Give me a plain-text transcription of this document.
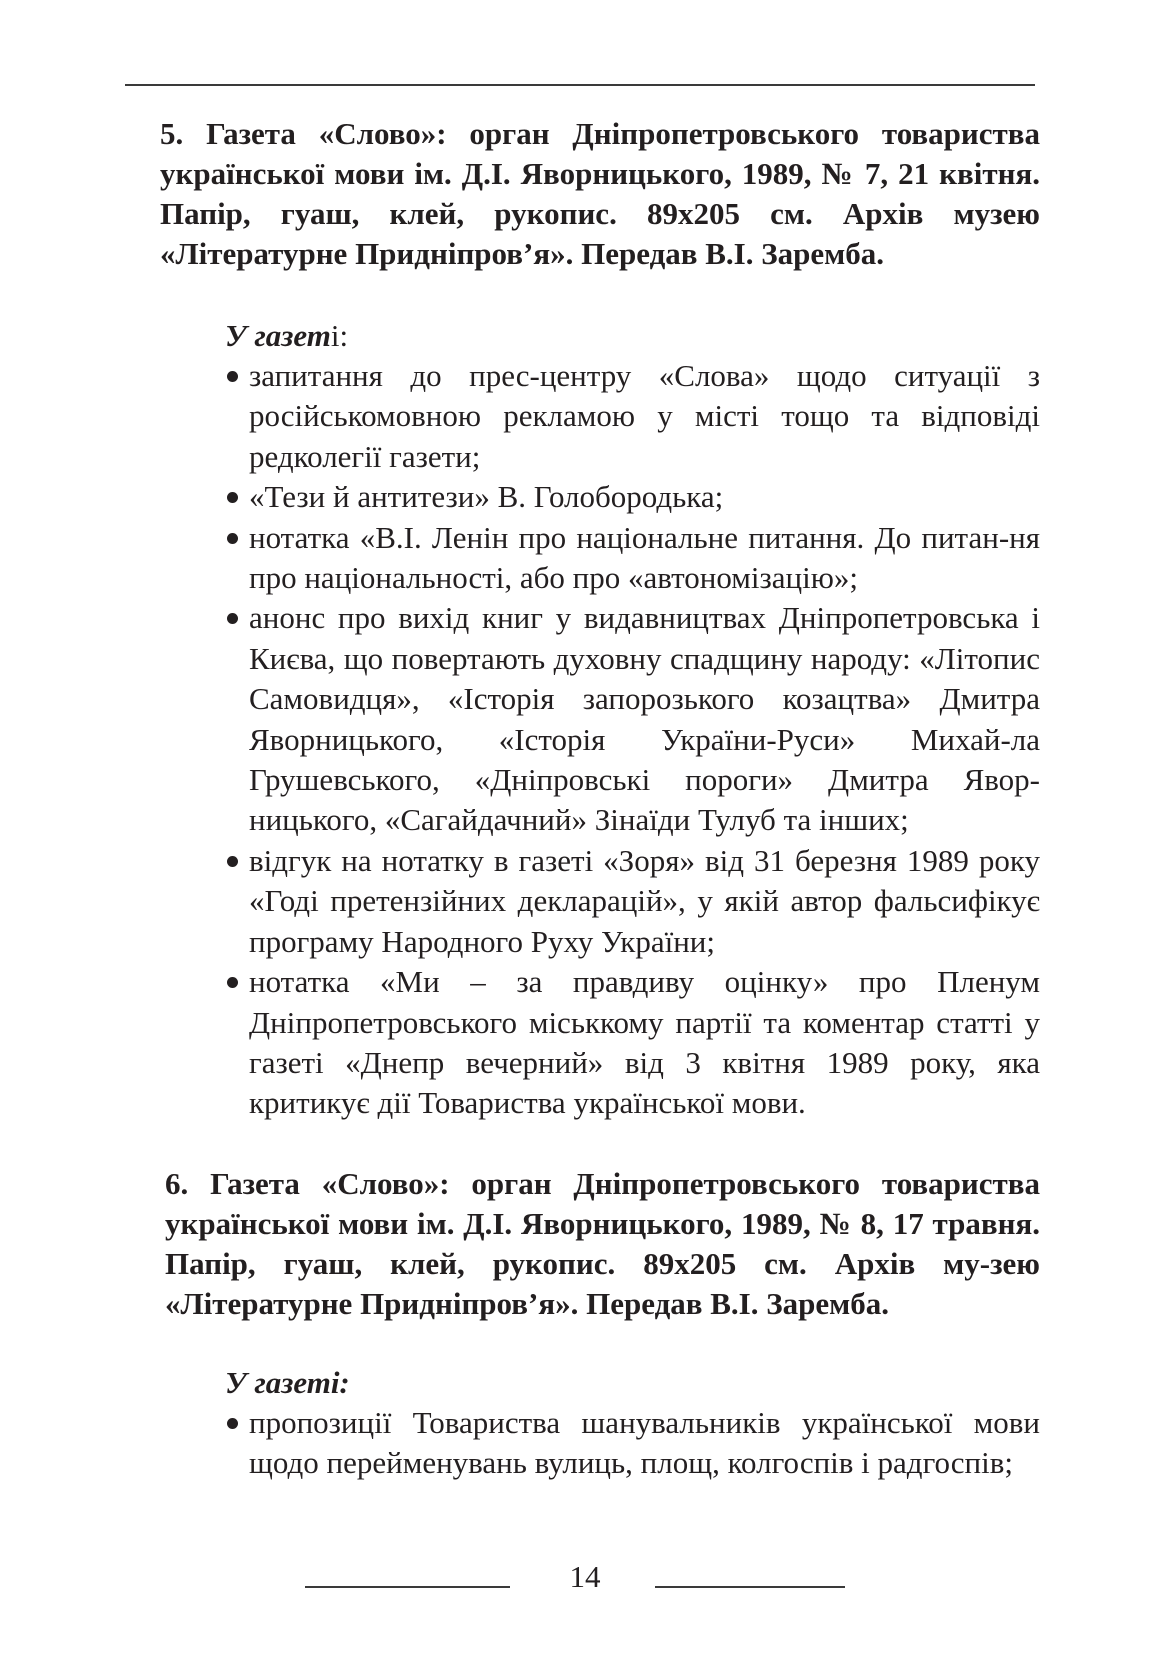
5. Газета «Слово»: орган Дніпропетровського товариства української мови ім. Д.І. Яворницького, 1989, № 7, 21 квітня. Папір, гуаш, клей, рукопис. 89х205 см. Архів музею «Літературне Придніпров’я». Передав В.І. Заремба.

У газеті:
запитання до прес-центру «Слова» щодо ситуації з російськомовною рекламою у місті тощо та відповіді редколегії газети;
«Тези й антитези» В. Голобородька;
нотатка «В.І. Ленін про національне питання. До питан-ня про національності, або про «автономізацію»;
анонс про вихід книг у видавництвах Дніпропетровська і Києва, що повертають духовну спадщину народу: «Літопис Самовидця», «Історія запорозького козацтва» Дмитра Яворницького, «Історія України-Руси» Михай-ла Грушевського, «Дніпровські пороги» Дмитра Явор-ницького, «Сагайдачний» Зінаїди Тулуб та інших;
відгук на нотатку в газеті «Зоря» від 31 березня 1989 року «Годі претензійних декларацій», у якій автор фальсифікує програму Народного Руху України;
нотатка «Ми – за правдиву оцінку» про Пленум Дніпропетровського міськкому партії та коментар статті у газеті «Днепр вечерний» від 3 квітня 1989 року, яка критикує дії Товариства української мови.

6. Газета «Слово»: орган Дніпропетровського товариства української мови ім. Д.І. Яворницького, 1989, № 8, 17 травня. Папір, гуаш, клей, рукопис. 89х205 см. Архів му-зею «Літературне Придніпров’я». Передав В.І. Заремба.

У газеті:
пропозиції Товариства шанувальників української мови щодо перейменувань вулиць, площ, колгоспів і радгоспів;
14
